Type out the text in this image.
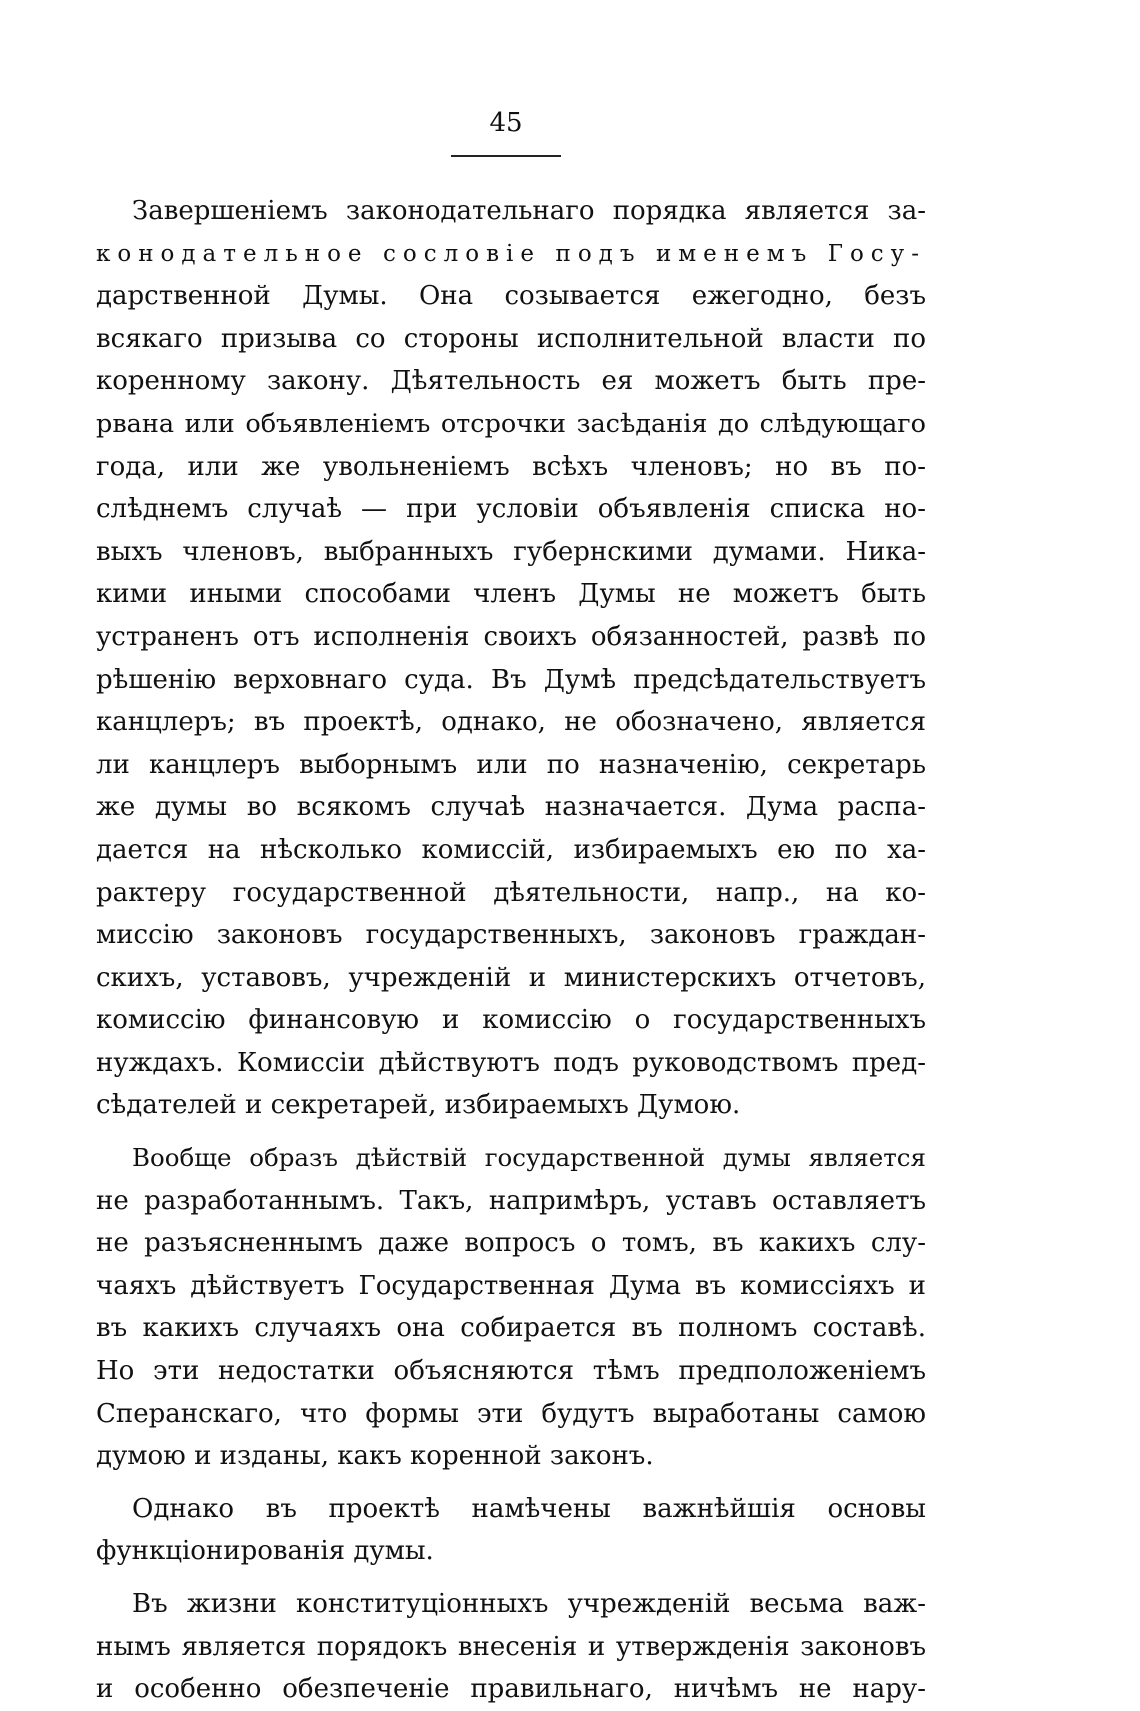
45
Завершеніемъ законодательнаго порядка является за-
конодательное сословіе подъ именемъ Госу-
дарственной Думы. Она созывается ежегодно, безъ
всякаго призыва со стороны исполнительной власти по
коренному закону. Дѣятельность ея можетъ быть пре-
рвана или объявленіемъ отсрочки засѣданія до слѣдующаго
года, или же увольненіемъ всѣхъ членовъ; но въ по-
слѣднемъ случаѣ — при условіи объявленія списка но-
выхъ членовъ, выбранныхъ губернскими думами. Ника-
кими иными способами членъ Думы не можетъ быть
устраненъ отъ исполненія своихъ обязанностей, развѣ по
рѣшенію верховнаго суда. Въ Думѣ предсѣдательствуетъ
канцлеръ; въ проектѣ, однако, не обозначено, является
ли канцлеръ выборнымъ или по назначенію, секретарь
же думы во всякомъ случаѣ назначается. Дума распа-
дается на нѣсколько комиссій, избираемыхъ ею по ха-
рактеру государственной дѣятельности, напр., на ко-
миссію законовъ государственныхъ, законовъ граждан-
скихъ, уставовъ, учрежденій и министерскихъ отчетовъ,
комиссію финансовую и комиссію о государственныхъ
нуждахъ. Комиссіи дѣйствуютъ подъ руководствомъ пред-
сѣдателей и секретарей, избираемыхъ Думою.
Вообще образъ дѣйствій государственной думы является
не разработаннымъ. Такъ, напримѣръ, уставъ оставляетъ
не разъясненнымъ даже вопросъ о томъ, въ какихъ слу-
чаяхъ дѣйствуетъ Государственная Дума въ комиссіяхъ и
въ какихъ случаяхъ она собирается въ полномъ составѣ.
Но эти недостатки объясняются тѣмъ предположеніемъ
Сперанскаго, что формы эти будутъ выработаны самою
думою и изданы, какъ коренной законъ.
Однако въ проектѣ намѣчены важнѣйшія основы
функціонированія думы.
Въ жизни конституціонныхъ учрежденій весьма важ-
нымъ является порядокъ внесенія и утвержденія законовъ
и особенно обезпеченіе правильнаго, ничѣмъ не нару-
